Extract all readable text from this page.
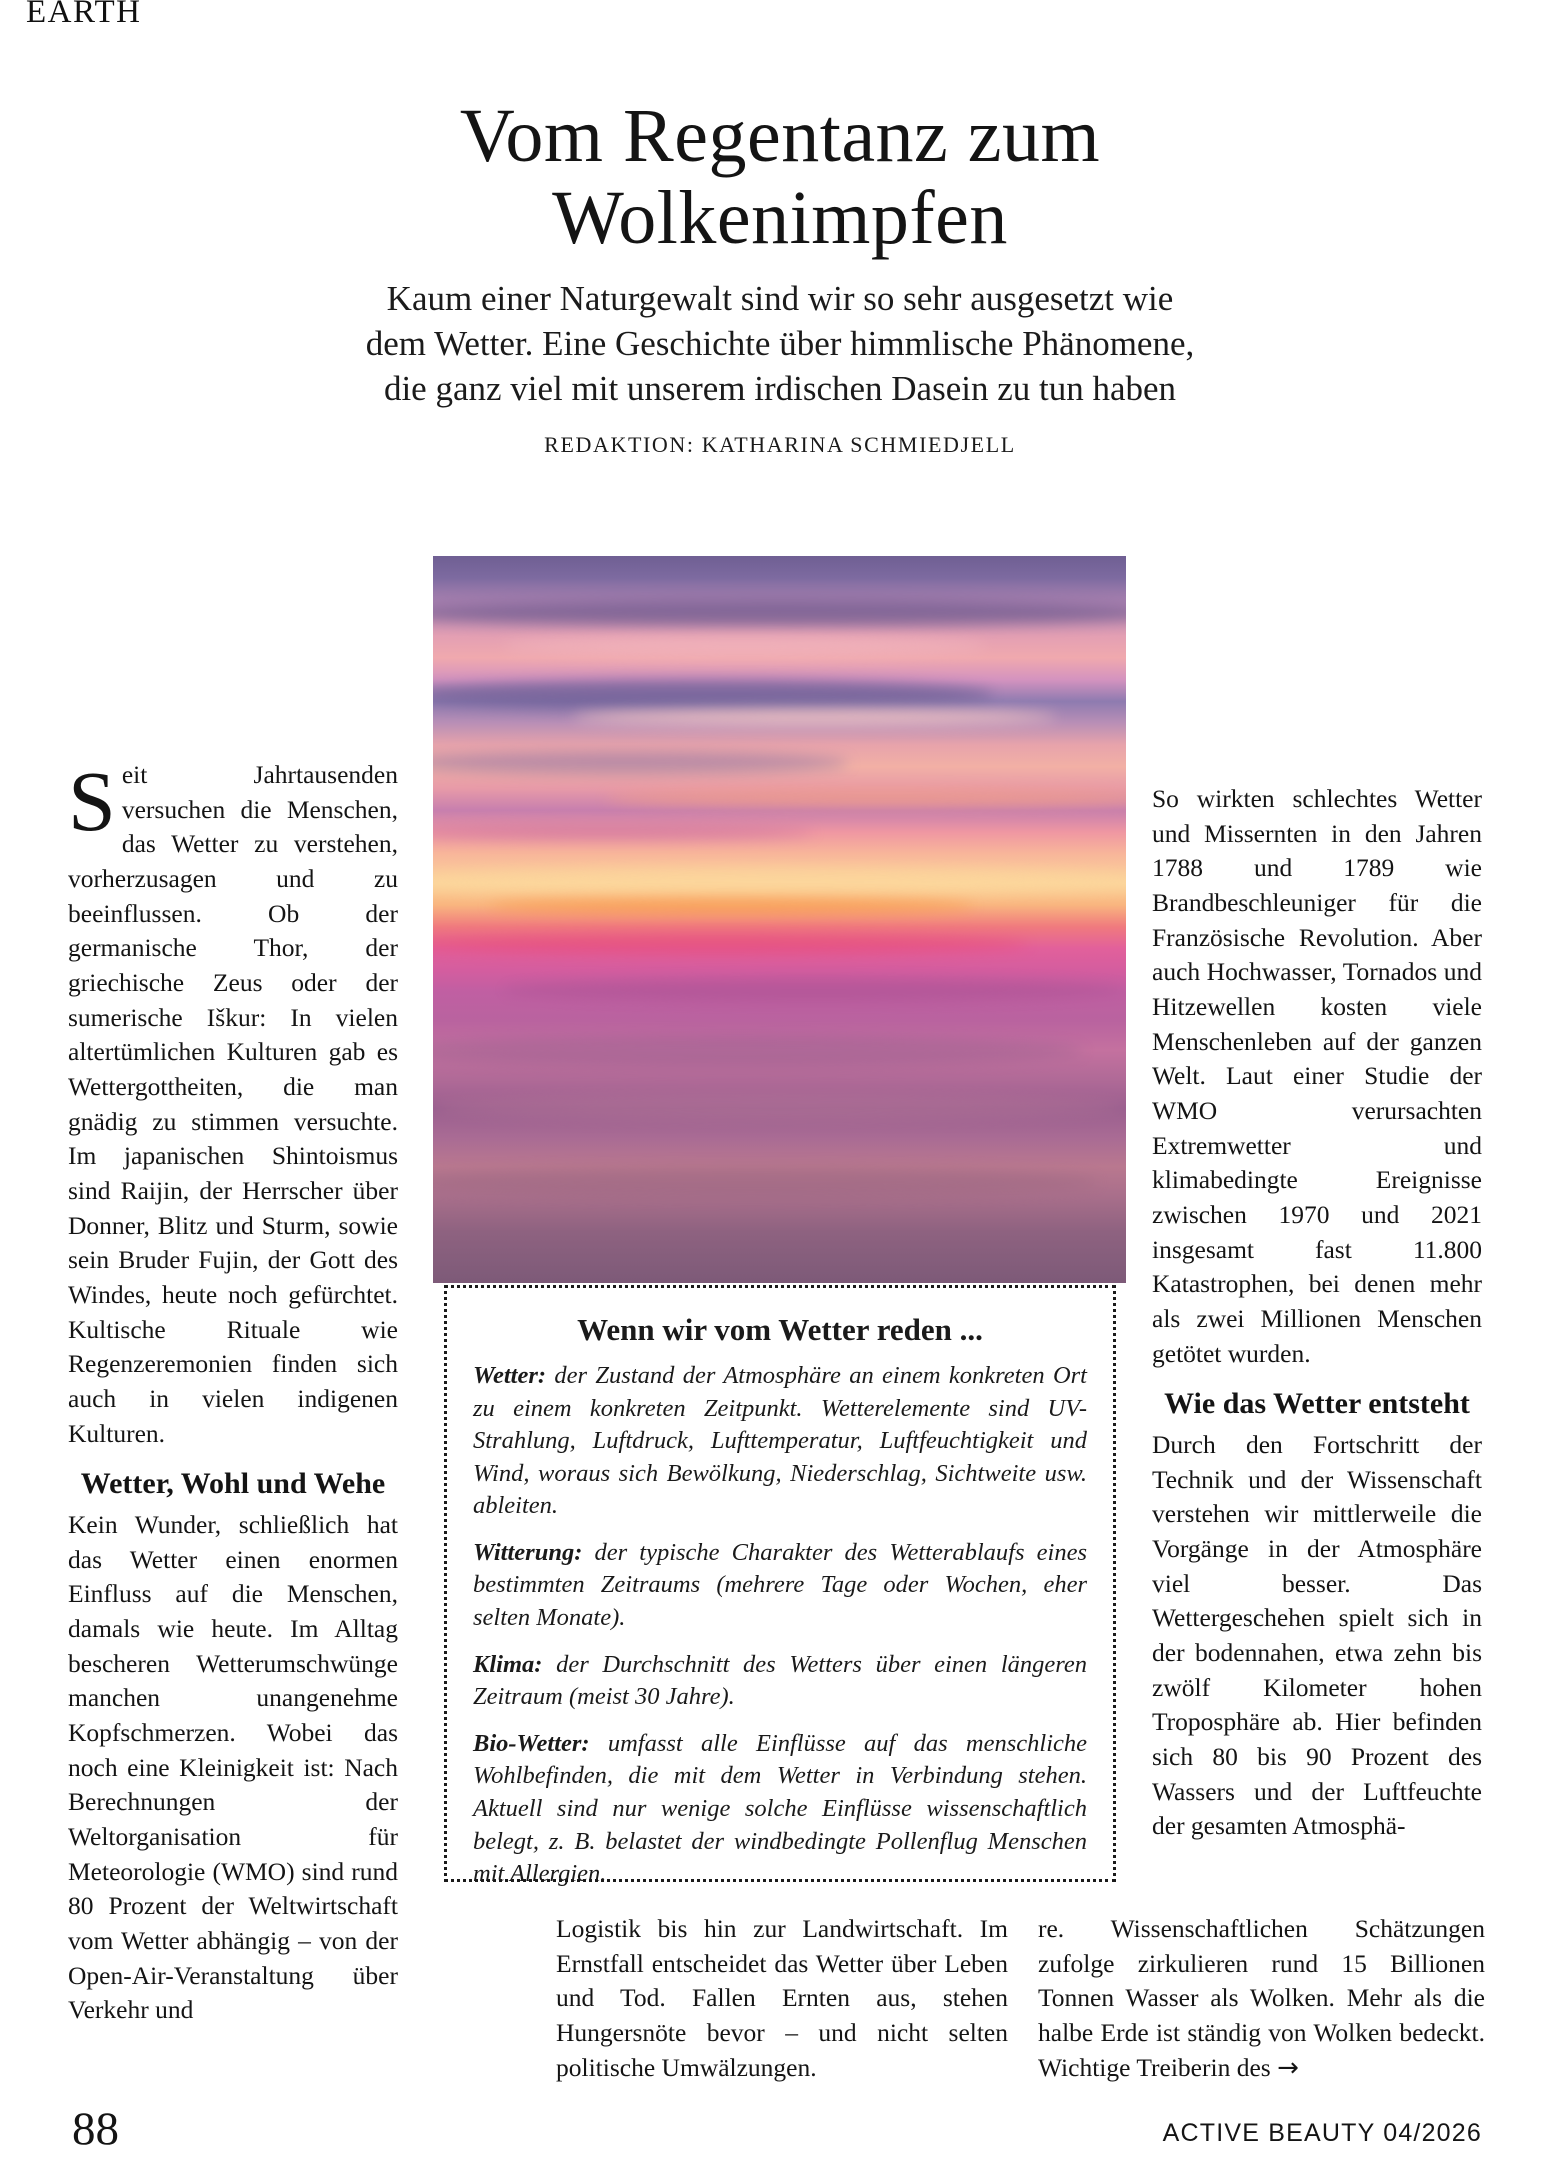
EARTH
Vom Regentanz zum
Wolkenimpfen
Kaum einer Naturgewalt sind wir so sehr ausgesetzt wie
dem Wetter. Eine Geschichte über himmlische Phänomene,
die ganz viel mit unserem irdischen Dasein zu tun haben
REDAKTION: KATHARINA SCHMIEDJELL
S eit Jahrtausenden versuchen die Menschen, das Wetter zu verstehen, vorherzusagen und zu beeinflussen. Ob der germanische Thor, der griechische Zeus oder der sumerische Iškur: In vielen altertümlichen Kulturen gab es Wettergottheiten, die man gnädig zu stimmen versuchte. Im japanischen Shintoismus sind Raijin, der Herrscher über Donner, Blitz und Sturm, sowie sein Bruder Fujin, der Gott des Windes, heute noch gefürchtet. Kultische Rituale wie Regenzeremonien finden sich auch in vielen indigenen Kulturen.

Wetter, Wohl und Wehe

Kein Wunder, schließlich hat das Wetter einen enormen Einfluss auf die Menschen, damals wie heute. Im Alltag bescheren Wetterumschwünge manchen unangenehme Kopfschmerzen. Wobei das noch eine Kleinigkeit ist: Nach Berechnungen der Weltorganisation für Meteorologie (WMO) sind rund 80 Prozent der Weltwirtschaft vom Wetter abhängig – von der Open-Air-Veranstaltung über Verkehr und

So wirkten schlechtes Wetter und Missernten in den Jahren 1788 und 1789 wie Brandbeschleuniger für die Französische Revolution. Aber auch Hochwasser, Tornados und Hitzewellen kosten viele Menschenleben auf der ganzen Welt. Laut einer Studie der WMO verursachten Extremwetter und klimabedingte Ereignisse zwischen 1970 und 2021 insgesamt fast 11.800 Katastrophen, bei denen mehr als zwei Millionen Menschen getötet wurden.

Wie das Wetter entsteht

Durch den Fortschritt der Technik und der Wissenschaft verstehen wir mittlerweile die Vorgänge in der Atmosphäre viel besser. Das Wettergeschehen spielt sich in der bodennahen, etwa zehn bis zwölf Kilometer hohen Troposphäre ab. Hier befinden sich 80 bis 90 Prozent des Wassers und der Luftfeuchte der gesamten Atmosphä-

Wenn wir vom Wetter reden ...

Wetter: der Zustand der Atmosphäre an einem konkreten Ort zu einem konkreten Zeitpunkt. Wetterelemente sind UV-Strahlung, Luftdruck, Lufttemperatur, Luftfeuchtigkeit und Wind, woraus sich Bewölkung, Niederschlag, Sichtweite usw. ableiten.

Witterung: der typische Charakter des Wetterablaufs eines bestimmten Zeitraums (mehrere Tage oder Wochen, eher selten Monate).

Klima: der Durchschnitt des Wetters über einen längeren Zeitraum (meist 30 Jahre).

Bio-Wetter: umfasst alle Einflüsse auf das menschliche Wohlbefinden, die mit dem Wetter in Verbindung stehen. Aktuell sind nur wenige solche Einflüsse wissenschaftlich belegt, z. B. belastet der windbedingte Pollenflug Menschen mit Allergien.

Logistik bis hin zur Landwirtschaft. Im Ernstfall entscheidet das Wetter über Leben und Tod. Fallen Ernten aus, stehen Hungersnöte bevor – und nicht selten politische Umwälzungen.

re. Wissenschaftlichen Schätzungen zufolge zirkulieren rund 15 Billionen Tonnen Wasser als Wolken. Mehr als die halbe Erde ist ständig von Wolken bedeckt. Wichtige Treiberin des →

88	ACTIVE BEAUTY 04/2026
